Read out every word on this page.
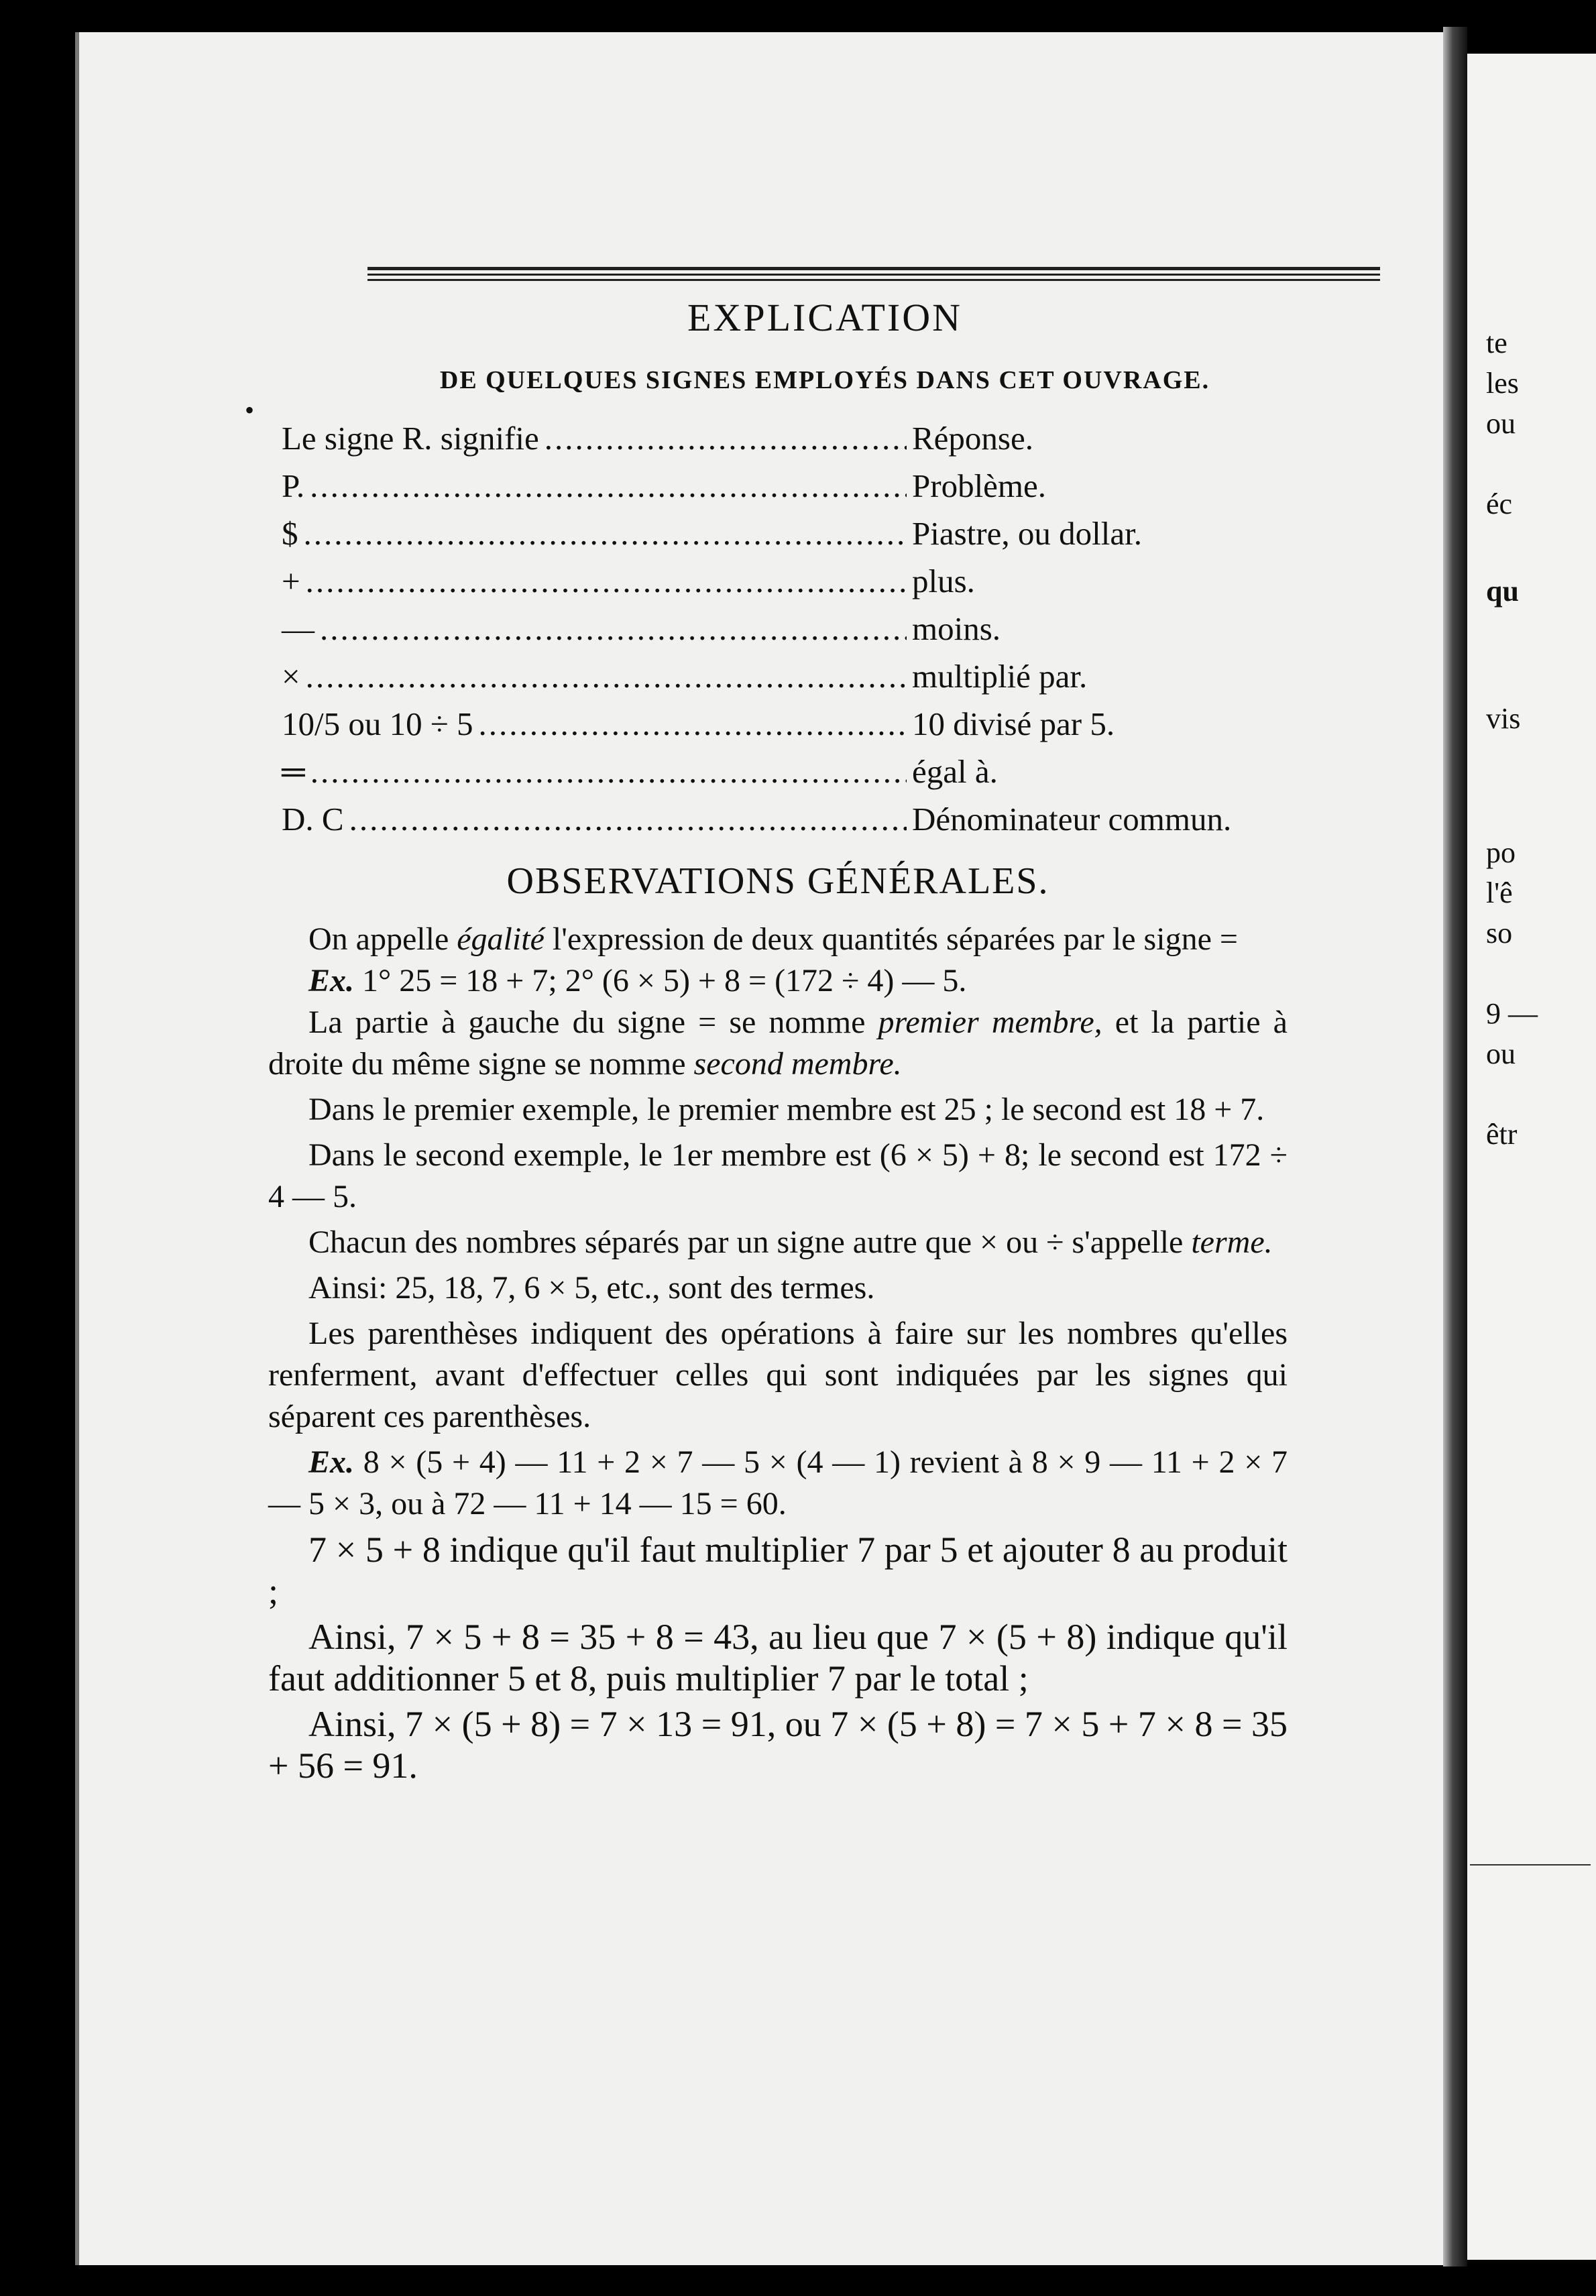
•
EXPLICATION
DE QUELQUES SIGNES EMPLOYÉS DANS CET OUVRAGE.
Le signe R. signifie .....	Réponse.
P. .....	Problème.
$ .....	Piastre, ou dollar.
+ .....	plus.
— .....	moins.
× .....	multiplié par.
10/5 ou 10 ÷ 5 .....	10 divisé par 5.
═ .....	égal à.
D. C .....	Dénominateur commun.
OBSERVATIONS GÉNÉRALES.

On appelle égalité l'expression de deux quantités séparées par le signe =

Ex. 1° 25 = 18 + 7; 2° (6 × 5) + 8 = (172 ÷ 4) — 5.

La partie à gauche du signe = se nomme premier membre, et la partie à droite du même signe se nomme second membre.

Dans le premier exemple, le premier membre est 25 ; le second est 18 + 7.

Dans le second exemple, le 1er membre est (6 × 5) + 8; le second est 172 ÷ 4 — 5.

Chacun des nombres séparés par un signe autre que × ou ÷ s'appelle terme.

Ainsi: 25, 18, 7, 6 × 5, etc., sont des termes.

Les parenthèses indiquent des opérations à faire sur les nombres qu'elles renferment, avant d'effectuer celles qui sont indiquées par les signes qui séparent ces parenthèses.

Ex. 8 × (5 + 4) — 11 + 2 × 7 — 5 × (4 — 1) revient à 8 × 9 — 11 + 2 × 7 — 5 × 3, ou à 72 — 11 + 14 — 15 = 60.

7 × 5 + 8 indique qu'il faut multiplier 7 par 5 et ajouter 8 au produit ;

Ainsi, 7 × 5 + 8 = 35 + 8 = 43, au lieu que 7 × (5 + 8) indique qu'il faut additionner 5 et 8, puis multiplier 7 par le total ;

Ainsi, 7 × (5 + 8) = 7 × 13 = 91, ou 7 × (5 + 8) = 7 × 5 + 7 × 8 = 35 + 56 = 91.

te
les
ou
éc
qu
vis
po
l'ê
so
9 —
ou
êtr
